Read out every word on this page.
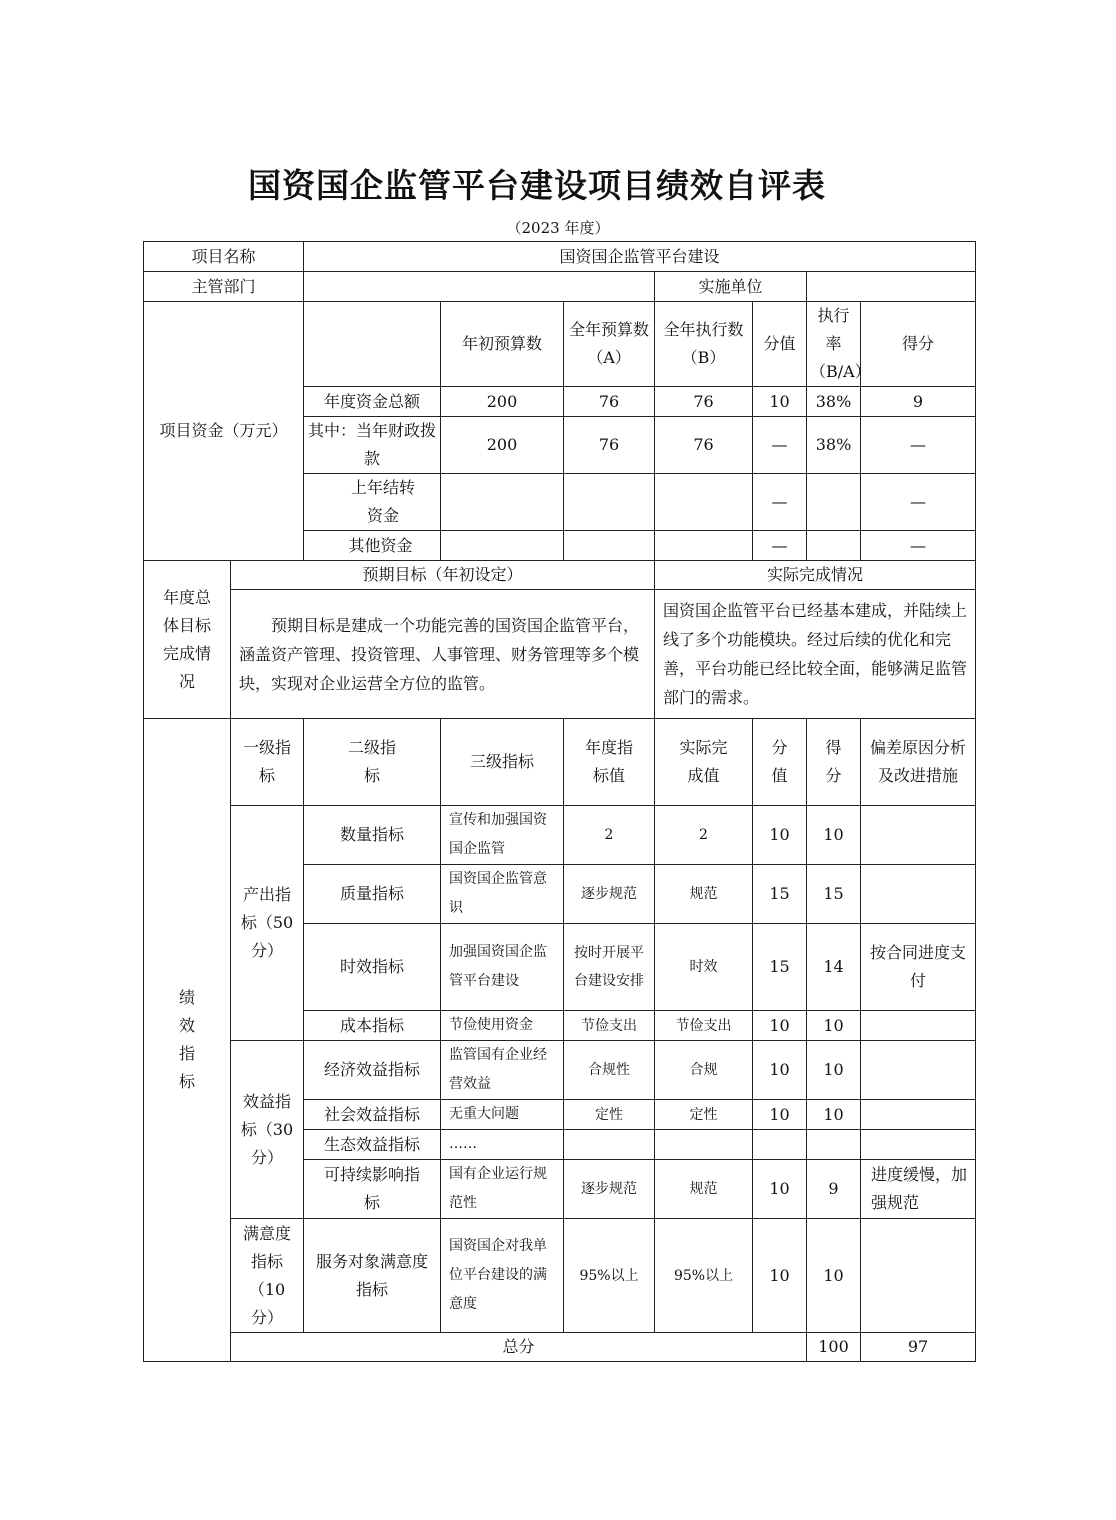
国资国企监管平台建设项目绩效自评表
（2023 年度）
项目名称		国资国企监管平台建设							
主管部门					实施单位				
项目资金（万元）			年初预算数	全年预算数（A）	全年执行数（B）	分值	执行率（B/A）	得分	
		年度资金总额	200	76	76	10	38%	9	
		其中：当年财政拨款	200	76	76	—	38%	—	
		上年结转资金				—		—	
		其他资金				—		—	
年度总体目标完成情况	预期目标（年初设定）				实际完成情况				
	预期目标是建成一个功能完善的国资国企监管平台，涵盖资产管理、投资管理、人事管理、财务管理等多个模块，实现对企业运营全方位的监管。				国资国企监管平台已经基本建成，并陆续上线了多个功能模块。经过后续的优化和完善，平台功能已经比较全面，能够满足监管部门的需求。				
绩效指标	一级指标	二级指标	三级指标	年度指标值	实际完成值	分值	得分	偏差原因分析及改进措施	
	产出指标（50分）	数量指标	宣传和加强国资国企监管	2	2	10	10		
		质量指标	国资国企监管意识	逐步规范	规范	15	15		
		时效指标	加强国资国企监管平台建设	按时开展平台建设安排	时效	15	14	按合同进度支付	
		成本指标	节俭使用资金	节俭支出	节俭支出	10	10		
	效益指标（30分）	经济效益指标	监管国有企业经营效益	合规性	合规	10	10		
		社会效益指标	无重大问题	定性	定性	10	10		
		生态效益指标	……						
		可持续影响指标	国有企业运行规范性	逐步规范	规范	10	9	进度缓慢，加强规范	
	满意度指标（10分）	服务对象满意度指标	国资国企对我单位平台建设的满意度	95%以上	95%以上	10	10		
	总分						100	97	
